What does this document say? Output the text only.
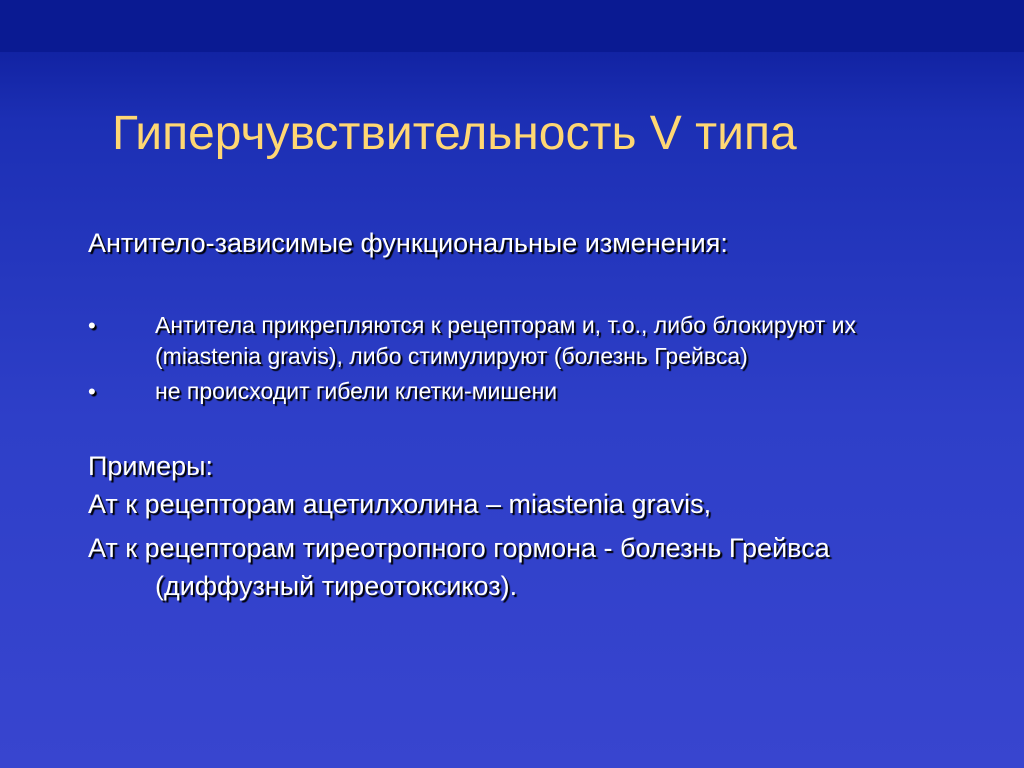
Гиперчувствительность V типа
Антитело-зависимые функциональные изменения:
•	Антитела прикрепляются к рецепторам и, т.о., либо блокируют их (miastenia gravis), либо стимулируют (болезнь Грейвса)
•	не происходит гибели клетки-мишени
Примеры:
Ат к рецепторам ацетилхолина – miastenia gravis,
Ат к рецепторам тиреотропного гормона - болезнь Грейвса (диффузный тиреотоксикоз).
